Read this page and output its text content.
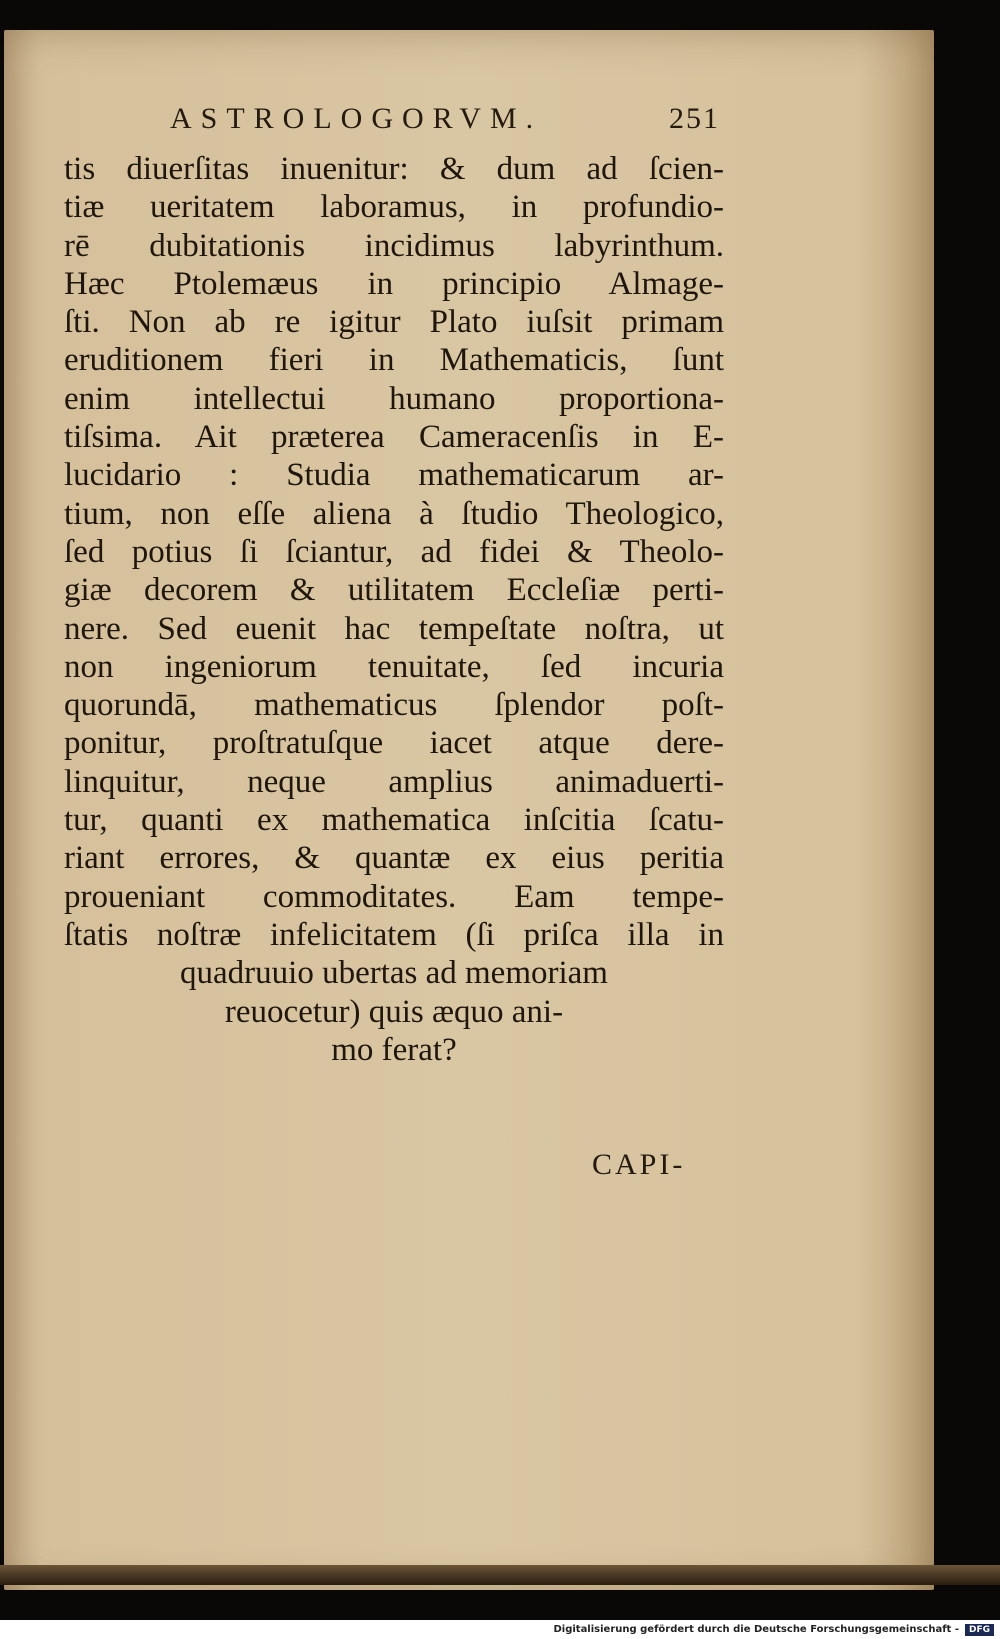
ASTROLOGORVM.	251
tis diuerſitas inuenitur: & dum ad ſcien-
tiæ ueritatem laboramus, in profundio-
rē dubitationis incidimus labyrinthum.
Hæc Ptolemæus in principio Almage-
ſti. Non ab re igitur Plato iuſsit primam
eruditionem fieri in Mathematicis, ſunt
enim intellectui humano proportiona-
tiſsima. Ait præterea Cameracenſis in E-
lucidario : Studia mathematicarum ar-
tium, non eſſe aliena à ſtudio Theologico,
ſed potius ſi ſciantur, ad fidei & Theolo-
giæ decorem & utilitatem Eccleſiæ perti-
nere. Sed euenit hac tempeſtate noſtra, ut
non ingeniorum tenuitate, ſed incuria
quorundā, mathematicus ſplendor poſt-
ponitur, proſtratuſque iacet atque dere-
linquitur, neque amplius animaduerti-
tur, quanti ex mathematica inſcitia ſcatu-
riant errores, & quantæ ex eius peritia
proueniant commoditates. Eam tempe-
ſtatis noſtræ infelicitatem (ſi priſca illa in
quadruuio ubertas ad memoriam
reuocetur) quis æquo ani-
mo ferat?
CAPI-
Digitalisierung gefördert durch die Deutsche Forschungsgemeinschaft -	DFG
